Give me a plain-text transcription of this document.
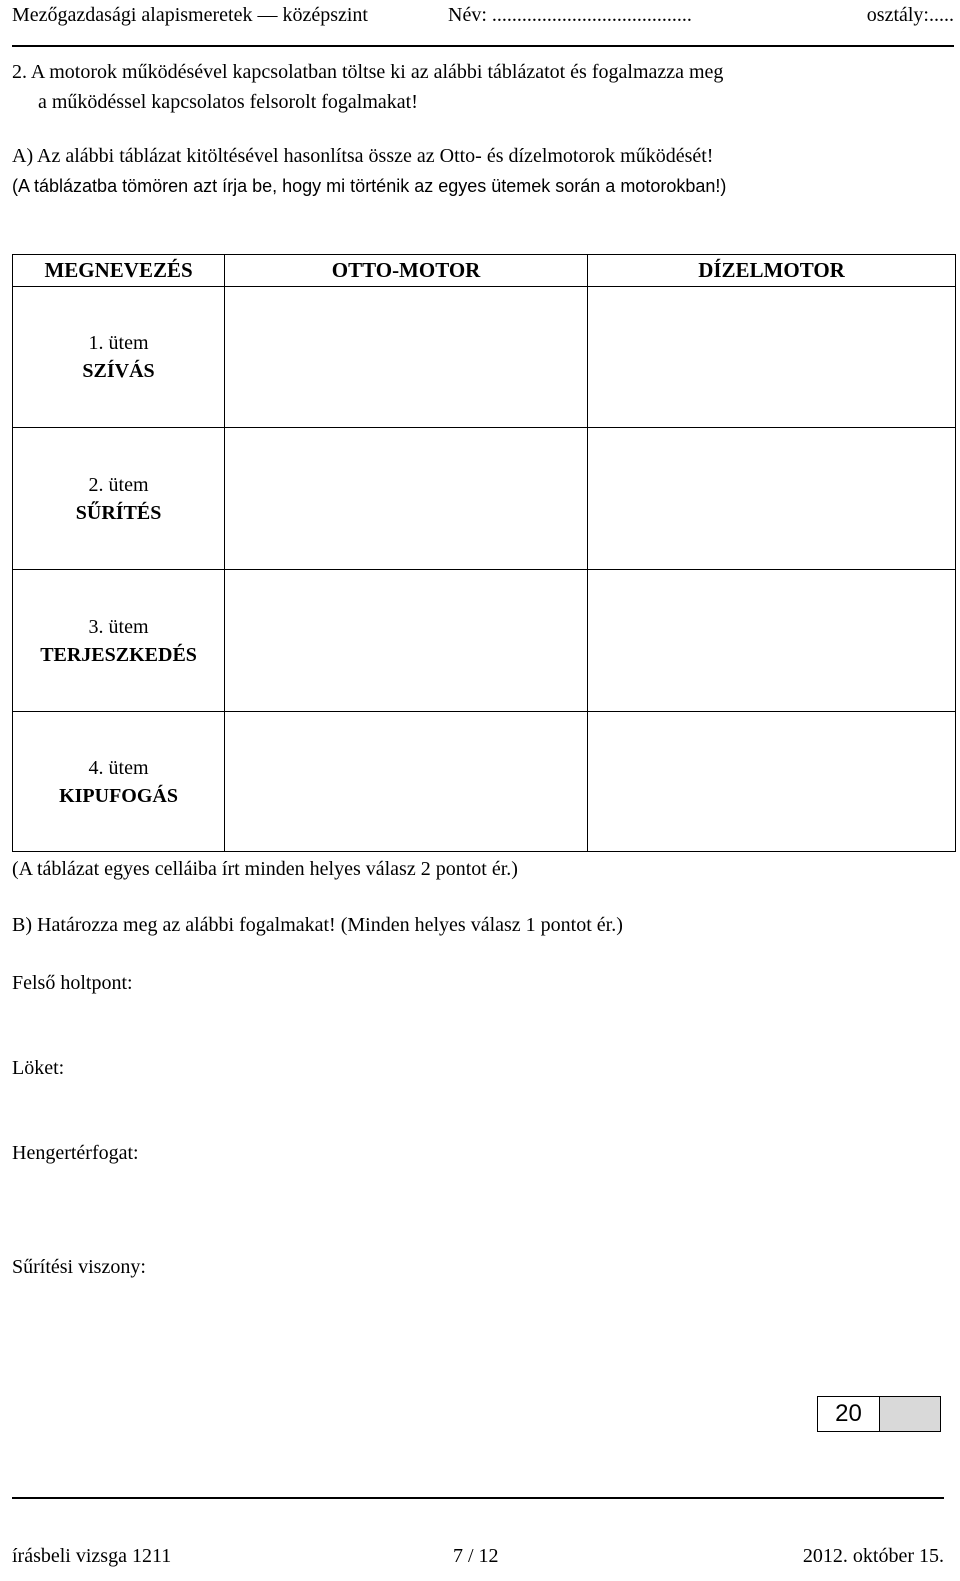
Mezőgazdasági alapismeretek — középszint	Név: ........................................	osztály:.....
2. A motorok működésével kapcsolatban töltse ki az alábbi táblázatot és fogalmazza meg
a működéssel kapcsolatos felsorolt fogalmakat!
A) Az alábbi táblázat kitöltésével hasonlítsa össze az Otto- és dízelmotorok működését!
(A táblázatba tömören azt írja be, hogy mi történik az egyes ütemek során a motorokban!)
MEGNEVEZÉS	OTTO-MOTOR	DÍZELMOTOR

1. ütem
SZÍVÁS		

2. ütem
SŰRÍTÉS		

3. ütem
TERJESZKEDÉS		

4. ütem
KIPUFOGÁS		

(A táblázat egyes celláiba írt minden helyes válasz 2 pontot ér.)
B) Határozza meg az alábbi fogalmakat! (Minden helyes válasz 1 pontot ér.)
Felső holtpont:
Löket:
Hengertérfogat:
Sűrítési viszony:
20
írásbeli vizsga 1211	7 / 12	2012. október 15.
